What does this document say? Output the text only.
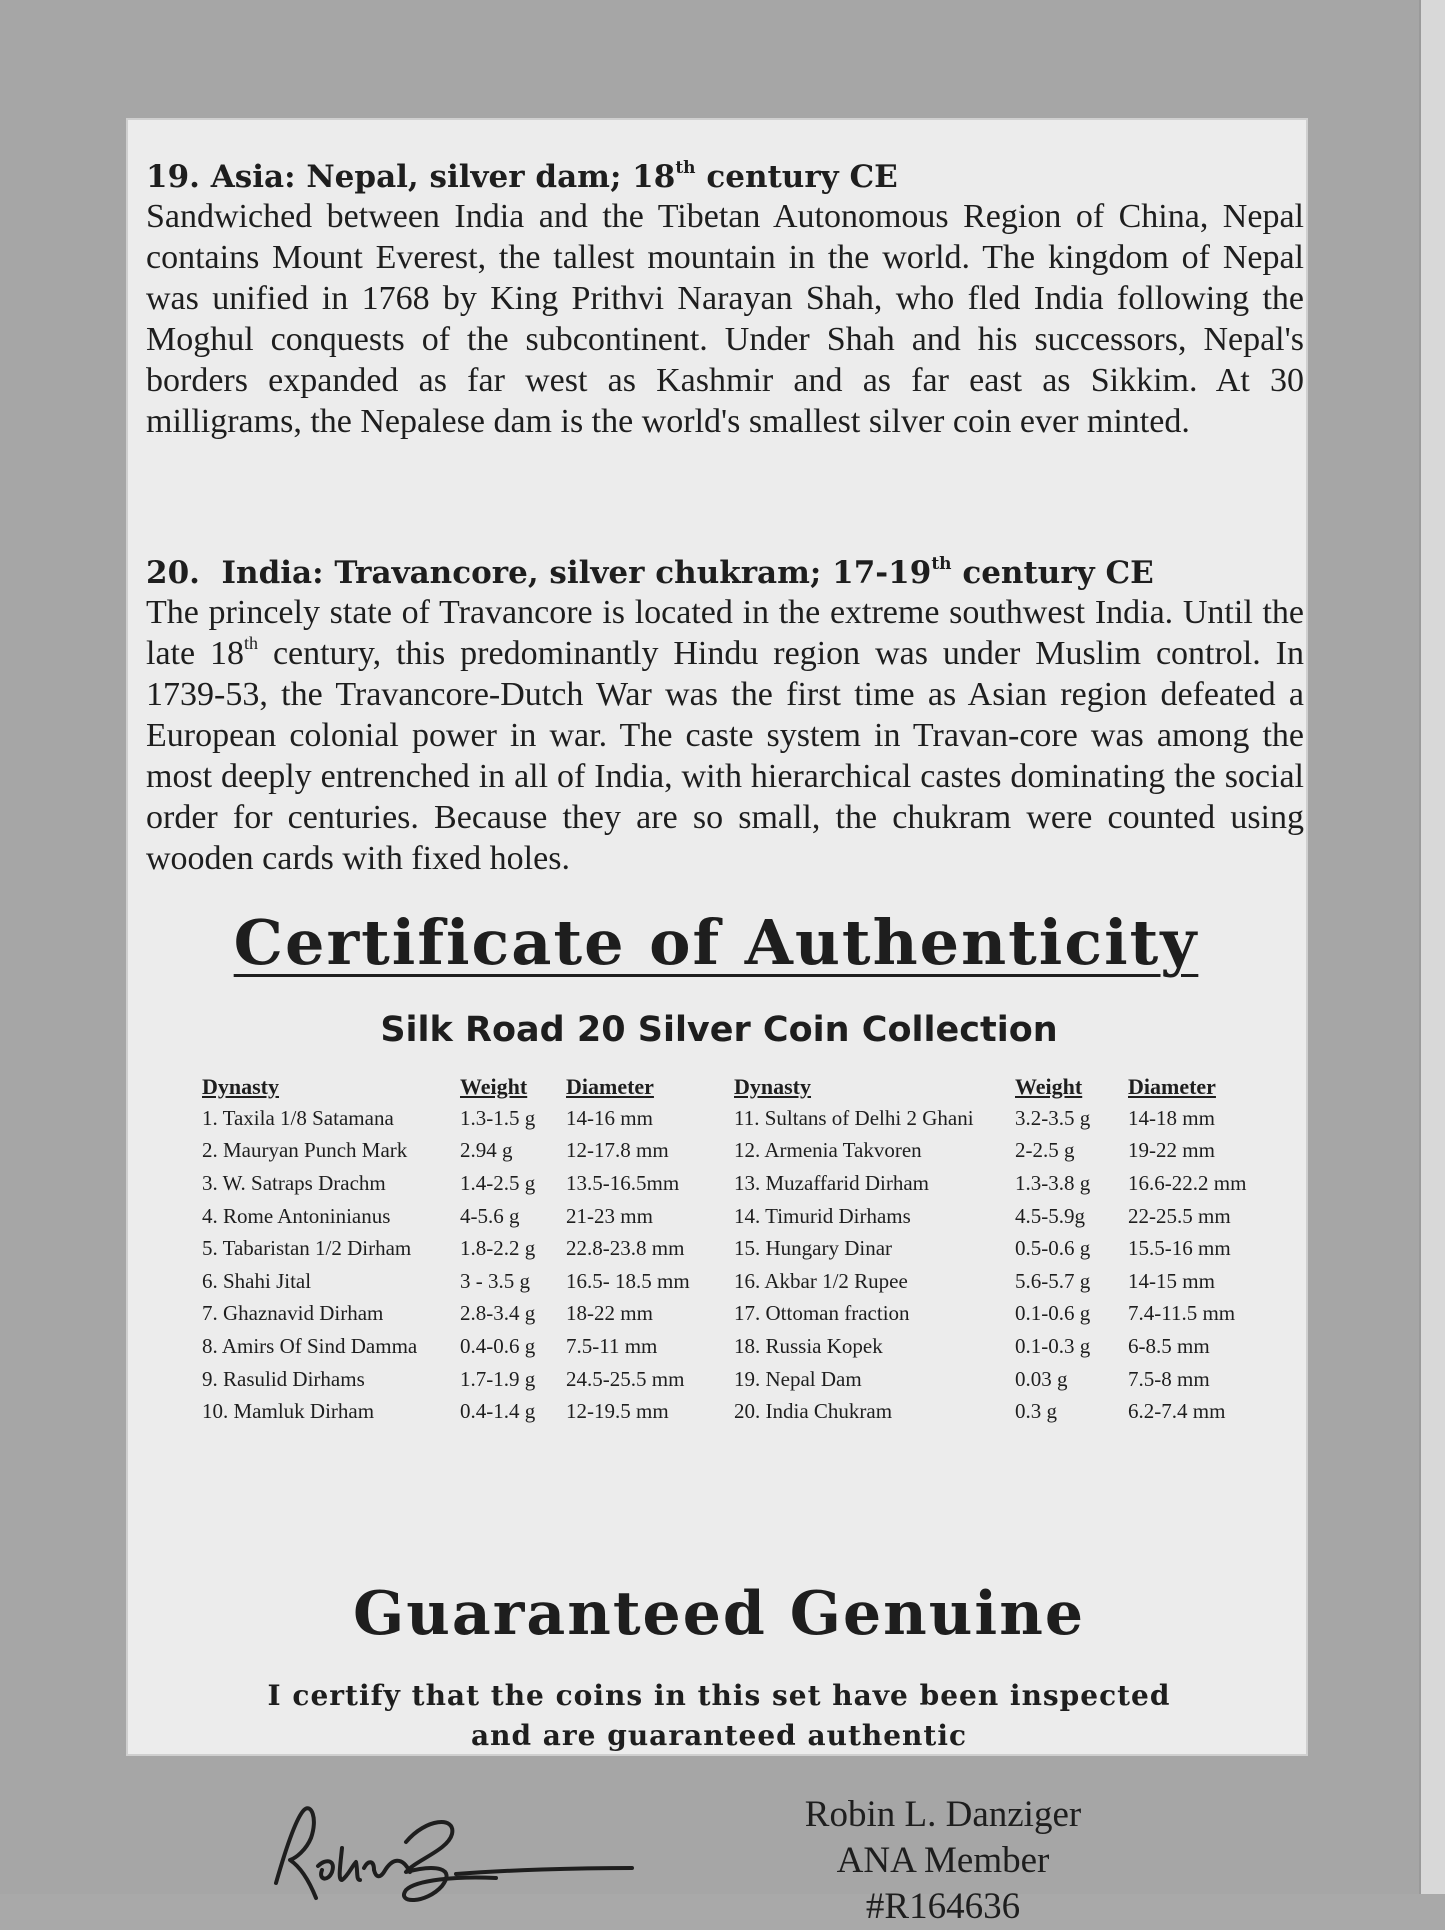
19. Asia: Nepal, silver dam; 18th century CE

Sandwiched between India and the Tibetan Autonomous Region of China, Nepal contains Mount Everest, the tallest mountain in the world. The kingdom of Nepal was unified in 1768 by King Prithvi Narayan Shah, who fled India following the Moghul conquests of the subcontinent. Under Shah and his successors, Nepal's borders expanded as far west as Kashmir and as far east as Sikkim. At 30 milligrams, the Nepalese dam is the world's smallest silver coin ever minted.

20. India: Travancore, silver chukram; 17-19th century CE

The princely state of Travancore is located in the extreme southwest India. Until the late 18th century, this predominantly Hindu region was under Muslim control. In 1739-53, the Travancore-Dutch War was the first time as Asian region defeated a European colonial power in war. The caste system in Travan-core was among the most deeply entrenched in all of India, with hierarchical castes dominating the social order for centuries. Because they are so small, the chukram were counted using wooden cards with fixed holes.

Certificate of Authenticity
Silk Road 20 Silver Coin Collection
Dynasty	Weight	Diameter	Dynasty	Weight	Diameter
1. Taxila 1/8 Satamana	1.3-1.5 g	14-16 mm	11. Sultans of Delhi 2 Ghani	3.2-3.5 g	14-18 mm
2. Mauryan Punch Mark	2.94 g	12-17.8 mm	12. Armenia Takvoren	2-2.5 g	19-22 mm
3. W. Satraps Drachm	1.4-2.5 g	13.5-16.5mm	13. Muzaffarid Dirham	1.3-3.8 g	16.6-22.2 mm
4. Rome Antoninianus	4-5.6 g	21-23 mm	14. Timurid Dirhams	4.5-5.9g	22-25.5 mm
5. Tabaristan 1/2 Dirham	1.8-2.2 g	22.8-23.8 mm	15. Hungary Dinar	0.5-0.6 g	15.5-16 mm
6. Shahi Jital	3 - 3.5 g	16.5- 18.5 mm	16. Akbar 1/2 Rupee	5.6-5.7 g	14-15 mm
7. Ghaznavid Dirham	2.8-3.4 g	18-22 mm	17. Ottoman fraction	0.1-0.6 g	7.4-11.5 mm
8. Amirs Of Sind Damma	0.4-0.6 g	7.5-11 mm	18. Russia Kopek	0.1-0.3 g	6-8.5 mm
9. Rasulid Dirhams	1.7-1.9 g	24.5-25.5 mm	19. Nepal Dam	0.03 g	7.5-8 mm
10. Mamluk Dirham	0.4-1.4 g	12-19.5 mm	20. India Chukram	0.3 g	6.2-7.4 mm
Guaranteed Genuine
I certify that the coins in this set have been inspected
and are guaranteed authentic
Robin L. Danziger
ANA Member #R164636
